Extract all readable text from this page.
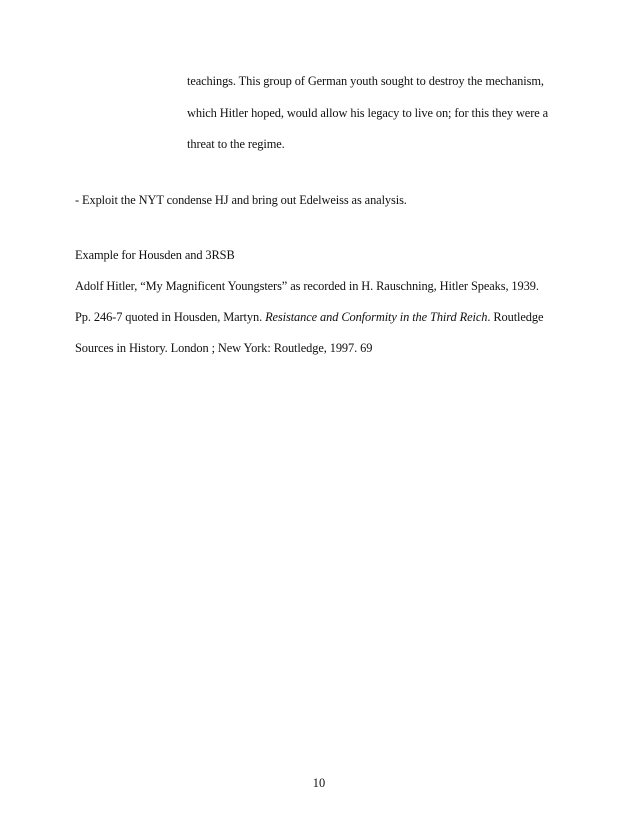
teachings. This group of German youth sought to destroy the mechanism,
which Hitler hoped, would allow his legacy to live on; for this they were a
threat to the regime.
- Exploit the NYT condense HJ and bring out Edelweiss as analysis.
Example for Housden and 3RSB
Adolf Hitler, “My Magnificent Youngsters” as recorded in H. Rauschning, Hitler Speaks, 1939.
Pp. 246-7 quoted in Housden, Martyn. Resistance and Conformity in the Third Reich. Routledge
Sources in History. London ; New York: Routledge, 1997. 69
10
